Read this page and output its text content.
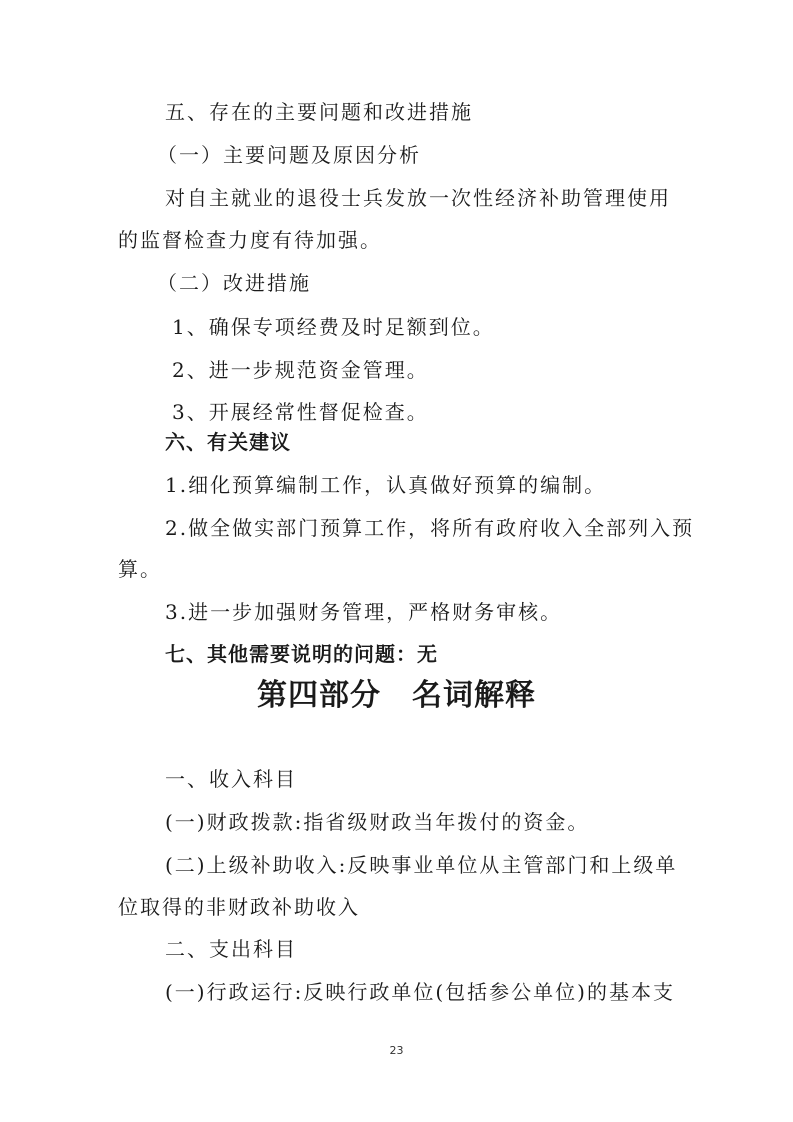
五、存在的主要问题和改进措施
（一）主要问题及原因分析
对自主就业的退役士兵发放一次性经济补助管理使用
的监督检查力度有待加强。
（二）改进措施
1、确保专项经费及时足额到位。
2、进一步规范资金管理。
3、开展经常性督促检查。
六、有关建议
1.细化预算编制工作，认真做好预算的编制。
2.做全做实部门预算工作，将所有政府收入全部列入预
算。
3.进一步加强财务管理，严格财务审核。
七、其他需要说明的问题：无
第四部分　名词解释
一、收入科目
(一)财政拨款:指省级财政当年拨付的资金。
(二)上级补助收入:反映事业单位从主管部门和上级单
位取得的非财政补助收入
二、支出科目
(一)行政运行:反映行政单位(包括参公单位)的基本支
23
